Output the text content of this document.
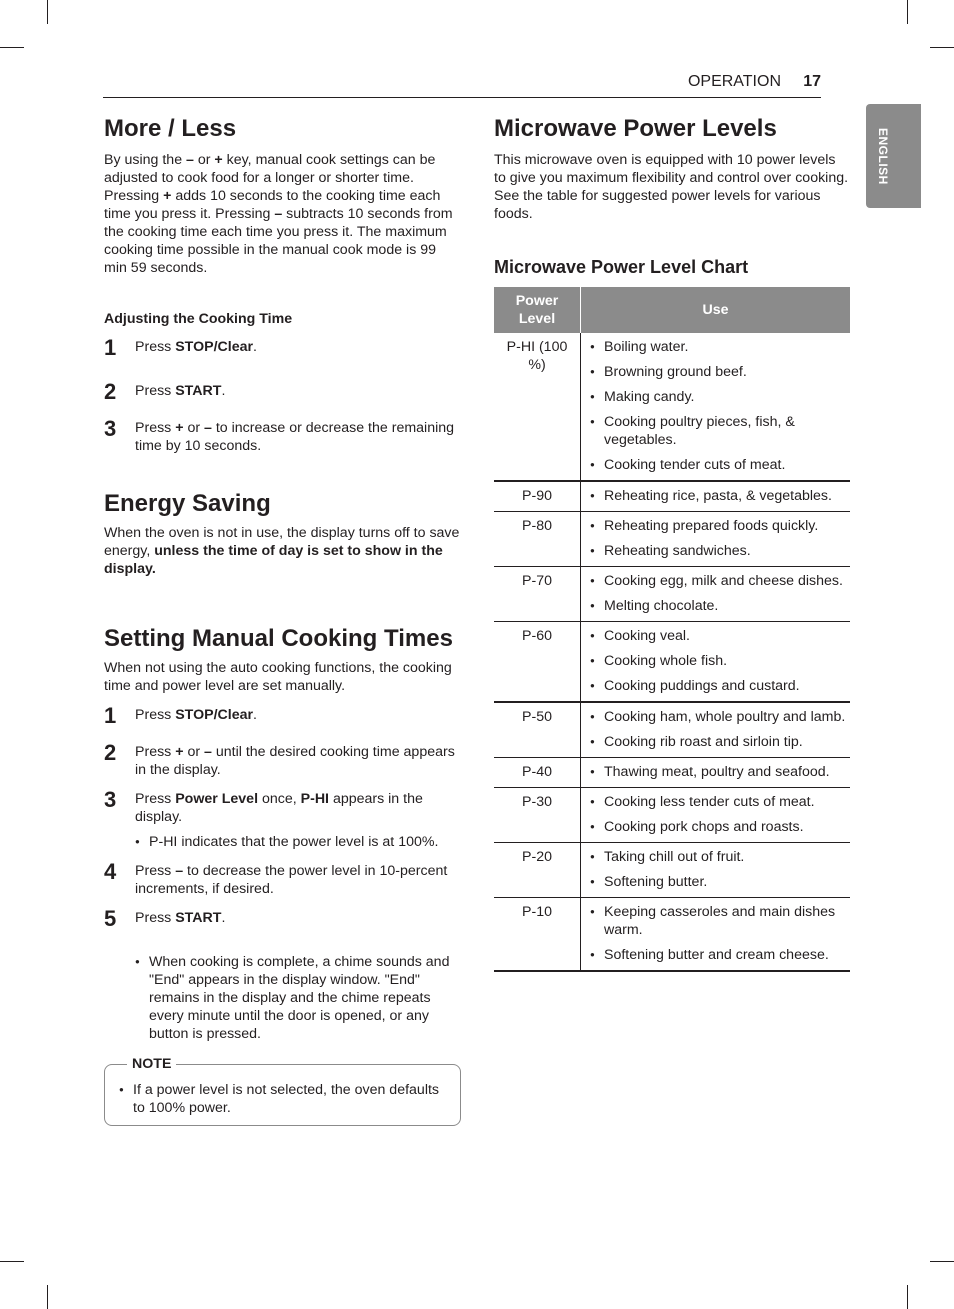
OPERATION 17
ENGLISH
More / Less

By using the – or + key, manual cook settings can be adjusted to cook food for a longer or shorter time. Pressing + adds 10 seconds to the cooking time each time you press it. Pressing – subtracts 10 seconds from the cooking time each time you press it. The maximum cooking time possible in the manual cook mode is 99 min 59 seconds.

Adjusting the Cooking Time

1 Press STOP/Clear.
2 Press START.
3 Press + or – to increase or decrease the remaining time by 10 seconds.
Energy Saving

When the oven is not in use, the display turns off to save energy, unless the time of day is set to show in the display.

Setting Manual Cooking Times

When not using the auto cooking functions, the cooking time and power level are set manually.

1 Press STOP/Clear.
2 Press + or – until the desired cooking time appears in the display.
3 Press Power Level once, P-HI appears in the display.
● P-HI indicates that the power level is at 100%.
4 Press – to decrease the power level in 10-percent increments, if desired.
5 Press START.
● When cooking is complete, a chime sounds and "End" appears in the display window. "End" remains in the display and the chime repeats every minute until the door is opened, or any button is pressed.
NOTE
● If a power level is not selected, the oven defaults to 100% power.
Microwave Power Levels

This microwave oven is equipped with 10 power levels to give you maximum flexibility and control over cooking. See the table for suggested power levels for various foods.

Microwave Power Level Chart
Power Level	Use
P-HI (100 %)	● Boiling water.
● Browning ground beef.
● Making candy.
● Cooking poultry pieces, fish, & vegetables.
● Cooking tender cuts of meat.

P-90	● Reheating rice, pasta, & vegetables.

P-80	● Reheating prepared foods quickly.
● Reheating sandwiches.

P-70	● Cooking egg, milk and cheese dishes.
● Melting chocolate.

P-60	● Cooking veal.
● Cooking whole fish.
● Cooking puddings and custard.

P-50	● Cooking ham, whole poultry and lamb.
● Cooking rib roast and sirloin tip.

P-40	● Thawing meat, poultry and seafood.

P-30	● Cooking less tender cuts of meat.
● Cooking pork chops and roasts.

P-20	● Taking chill out of fruit.
● Softening butter.

P-10	● Keeping casseroles and main dishes warm.
● Softening butter and cream cheese.
